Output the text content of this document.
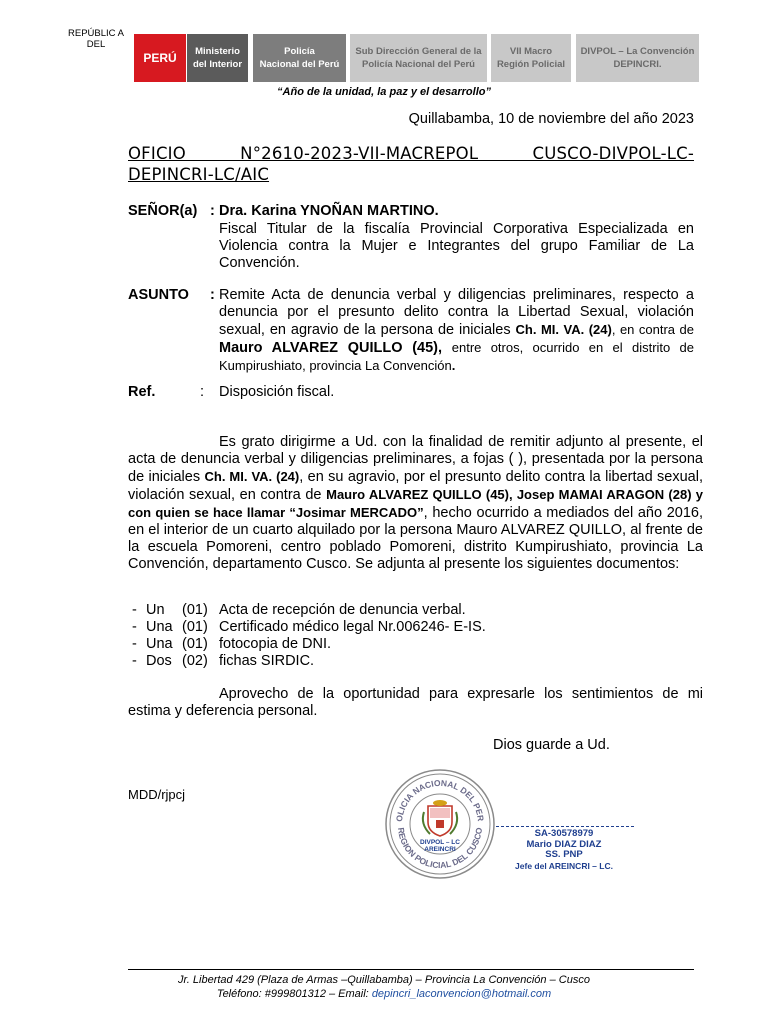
REPÚBLIC A DEL
PERÚ Ministerio
del Interior
Policía
Nacional del Perú
Sub Dirección General de la
Policía Nacional del Perú
VII Macro
Región Policial
DIVPOL – La Convención
DEPINCRI.
“Año de la unidad, la paz y el desarrollo”
Quillabamba, 10 de noviembre del año 2023
OFICIO N°2610-2023-VII-MACREPOL CUSCO-DIVPOL-LC-DEPINCRI-LC/AIC
SEÑOR(a) : Dra. Karina YNOÑAN MARTINO.
Fiscal Titular de la fiscalía Provincial Corporativa Especializada en Violencia contra la Mujer e Integrantes del grupo Familiar de La Convención.
ASUNTO : Remite Acta de denuncia verbal y diligencias preliminares, respecto a denuncia por el presunto delito contra la Libertad Sexual, violación sexual, en agravio de la persona de iniciales Ch. MI. VA. (24), en contra de Mauro ALVAREZ QUILLO (45), entre otros, ocurrido en el distrito de Kumpirushiato, provincia La Convención.
Ref.	: Disposición fiscal.
Es grato dirigirme a Ud. con la finalidad de remitir adjunto al presente, el acta de denuncia verbal y diligencias preliminares, a fojas ( ), presentada por la persona de iniciales Ch. MI. VA. (24), en su agravio, por el presunto delito contra la libertad sexual, violación sexual, en contra de Mauro ALVAREZ QUILLO (45), Josep MAMAI ARAGON (28) y con quien se hace llamar “Josimar MERCADO”, hecho ocurrido a mediados del año 2016, en el interior de un cuarto alquilado por la persona Mauro ALVAREZ QUILLO, al frente de la escuela Pomoreni, centro poblado Pomoreni, distrito Kumpirushiato, provincia La Convención, departamento Cusco. Se adjunta al presente los siguientes documentos:
- Un (01) Acta de recepción de denuncia verbal.
- Una (01) Certificado médico legal Nr.006246- E-IS.
- Una (01) fotocopia de DNI.
- Dos (02) fichas SIRDIC.
Aprovecho de la oportunidad para expresarle los sentimientos de mi estima y deferencia personal.
Dios guarde a Ud.
MDD/rjpcj
OLICIA NACIONAL DEL PER
REGION POLICIAL DEL CUSCO
DIVPOL – LC
AREINCRI
SA-30578979
Mario DIAZ DIAZ
SS. PNP
Jefe del AREINCRI – LC.
Jr. Libertad 429 (Plaza de Armas –Quillabamba) – Provincia La Convención – Cusco
Teléfono: #999801312 – Email: depincri_laconvencion@hotmail.com
